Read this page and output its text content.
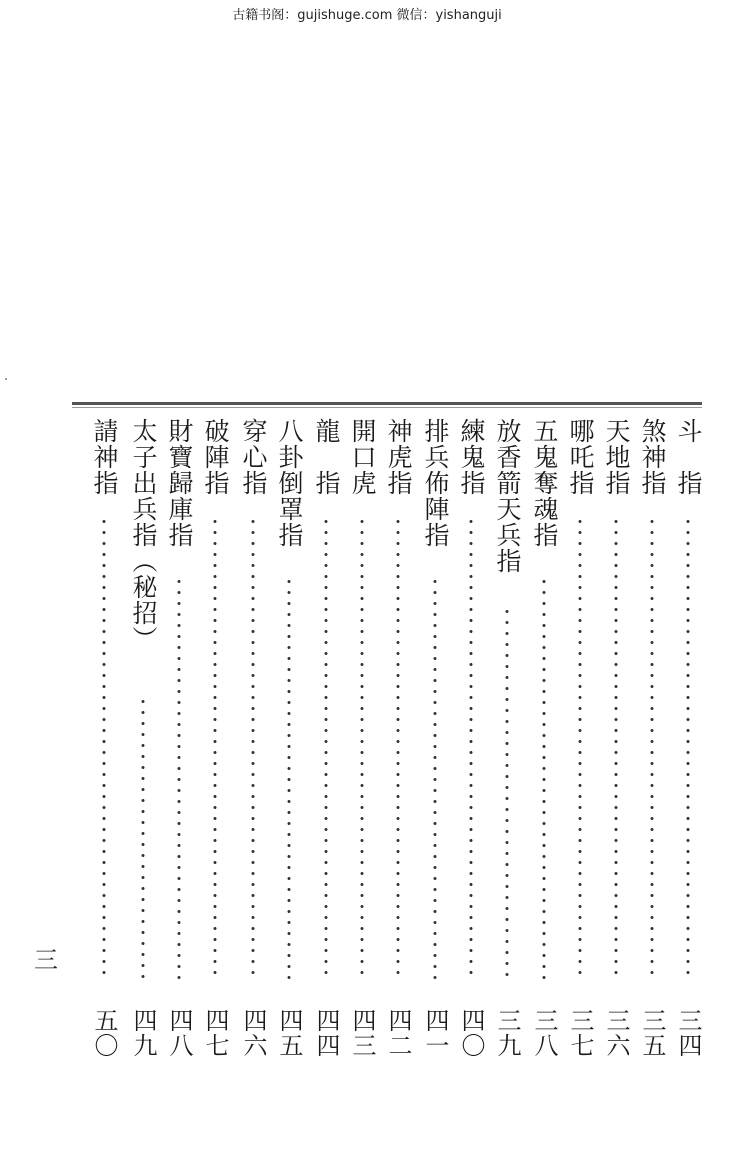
古籍书阁：gujishuge.com 微信：yishanguji
三
斗　指
三四
煞神指
三五
天地指
三六
哪吒指
三七
五鬼奪魂指
三八
放香箭天兵指
三九
練鬼指
四〇
排兵佈陣指
四一
神虎指
四二
開口虎
四三
龍　指
四四
八卦倒罩指
四五
穿心指
四六
破陣指
四七
財寶歸庫指
四八
太子出兵指（秘招）
四九
請神指
五〇
